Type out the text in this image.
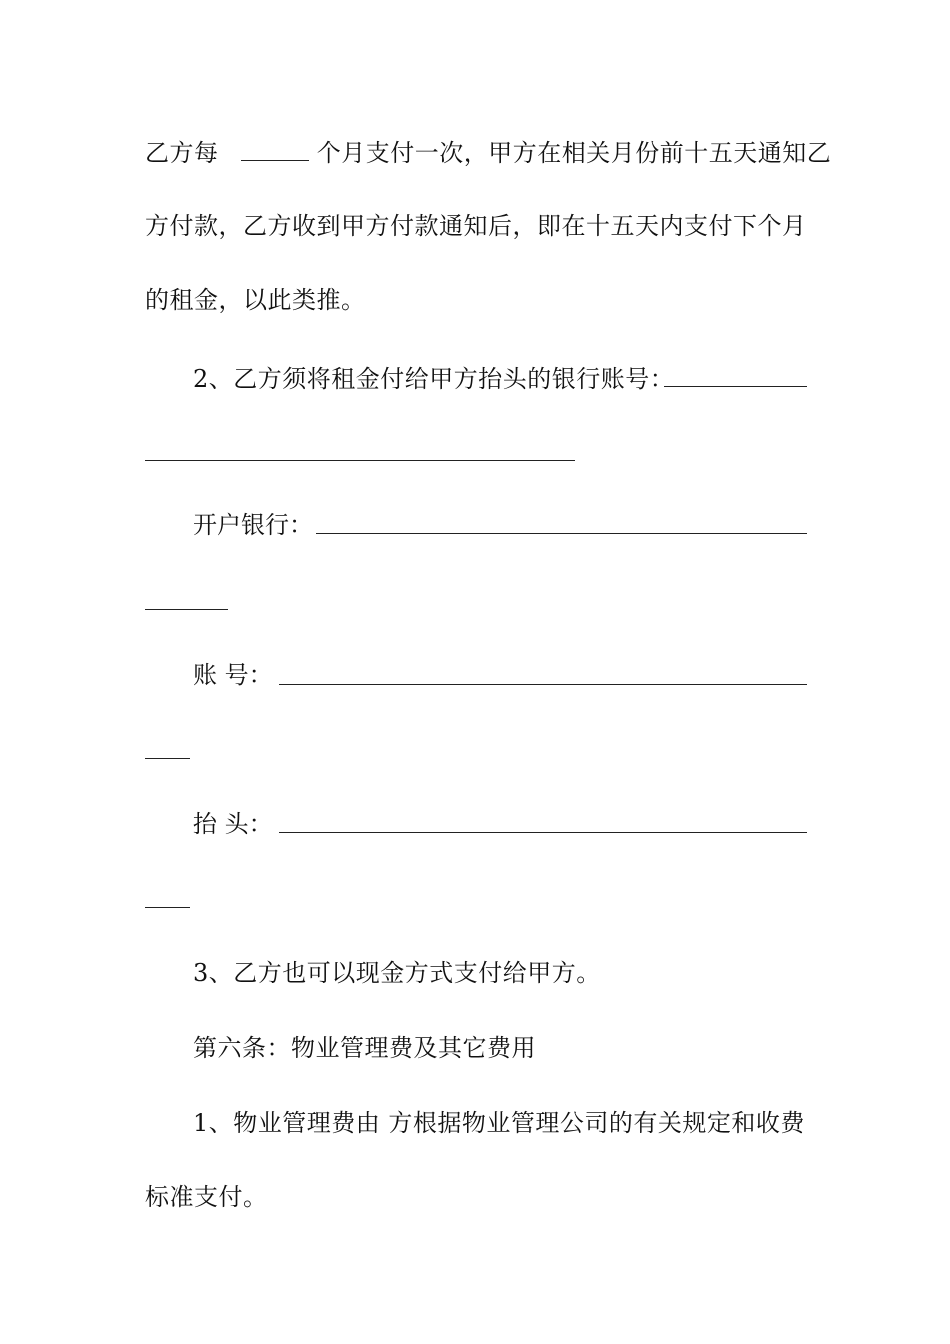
乙方每	个月支付一次，甲方在相关月份前十五天通知乙
方付款，乙方收到甲方付款通知后，即在十五天内支付下个月
的租金，以此类推。
2、乙方须将租金付给甲方抬头的银行账号：
开户银行：
账 号：
抬 头：
3、乙方也可以现金方式支付给甲方。
第六条：物业管理费及其它费用
1、物业管理费由 方根据物业管理公司的有关规定和收费
标准支付。
